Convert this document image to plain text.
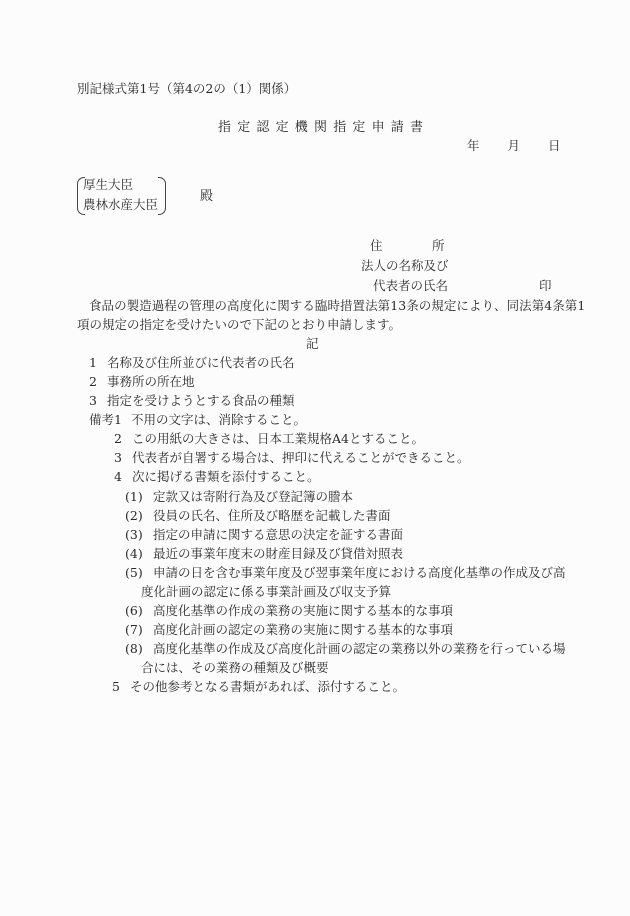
別記様式第1号（第4の2の（1）関係）
指定認定機関指定申請書
年 月 日
厚生大臣
農林水産大臣
殿
住	所
法人の名称及び
代表者の氏名	印
食品の製造過程の管理の高度化に関する臨時措置法第13条の規定により、同法第4条第1
項の規定の指定を受けたいので下記のとおり申請します。
記
1 名称及び住所並びに代表者の氏名
2 事務所の所在地
3 指定を受けようとする食品の種類
備考1 不用の文字は、消除すること。
2 この用紙の大きさは、日本工業規格A4とすること。
3 代表者が自署する場合は、押印に代えることができること。
4 次に掲げる書類を添付すること。
(1) 定款又は寄附行為及び登記簿の謄本
(2) 役員の氏名、住所及び略歴を記載した書面
(3) 指定の申請に関する意思の決定を証する書面
(4) 最近の事業年度末の財産目録及び貸借対照表
(5) 申請の日を含む事業年度及び翌事業年度における高度化基準の作成及び高
度化計画の認定に係る事業計画及び収支予算
(6) 高度化基準の作成の業務の実施に関する基本的な事項
(7) 高度化計画の認定の業務の実施に関する基本的な事項
(8) 高度化基準の作成及び高度化計画の認定の業務以外の業務を行っている場
合には、その業務の種類及び概要
5 その他参考となる書類があれば、添付すること。
